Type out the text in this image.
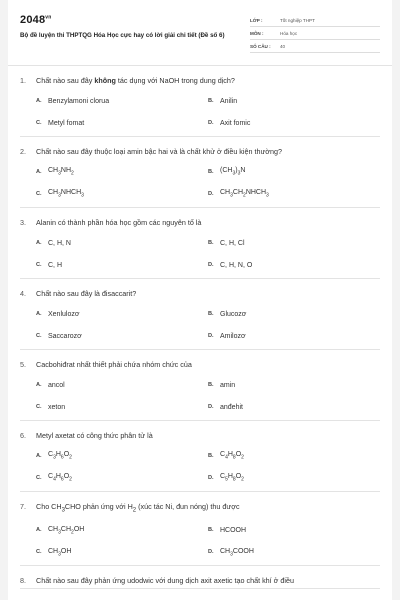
$2048^{vn}$
Bộ đề luyện thi THPTQG Hóa Học cực hay có lời giải chi tiết (Đề số 6)
LỚP :	Tốt nghiệp THPT
MÔN :	Hóa học
SỐ CÂU :	40
1.	Chất nào sau đây không tác dụng với NaOH trong dung dịch?
A. Benzylamoni clorua	B. Anilin
C. Metyl fomat	D. Axit fomic
2.	Chất nào sau đây thuộc loại amin bậc hai và là chất khử ở điều kiện thường?
A. $CH_3NH_2$	B. $(CH_3)_3N$
C. $CH_3NHCH_3$	D. $CH_3CH_2NHCH_3$
3.	Alanin có thành phần hóa học gồm các nguyên tố là
A. C, H, N	B. C, H, Cl
C. C, H	D. C, H, N, O
4.	Chất nào sau đây là đisaccarit?
A. Xenlulozơ	B. Glucozơ
C. Saccarozơ	D. Amilozơ
5.	Cacbohiđrat nhất thiết phải chứa nhóm chức của
A. ancol	B. amin
C. xeton	D. anđehit
6.	Metyl axetat có công thức phân tử là
A. $C_3H_6O_2$	B. $C_4H_8O_2$
C. $C_4H_6O_2$	D. $C_5H_8O_2$
7.	Cho $CH_3CHO$ phản ứng với $H_2$ (xúc tác Ni, đun nóng) thu được
A. $CH_3CH_2OH$	B. HCOOH
C. $CH_3OH$	D. $CH_3COOH$
8.	Chất nào sau đây phản ứng udodwic với dung dịch axit axetic tạo chất khí ở điều
